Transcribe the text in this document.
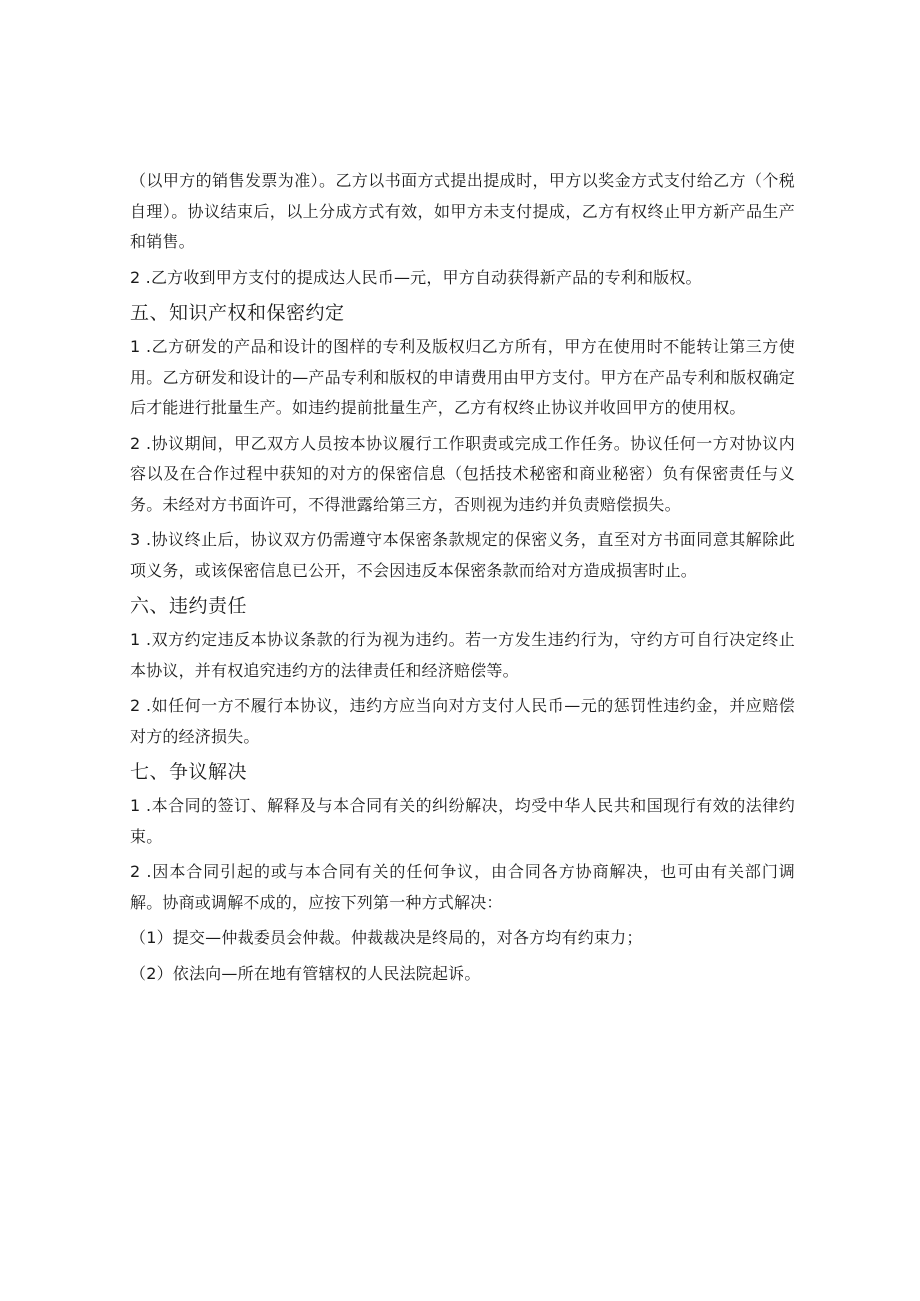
（以甲方的销售发票为准）。乙方以书面方式提出提成时，甲方以奖金方式支付给乙方（个税自理）。协议结束后，以上分成方式有效，如甲方未支付提成，乙方有权终止甲方新产品生产和销售。

2 .乙方收到甲方支付的提成达人民币—元，甲方自动获得新产品的专利和版权。

五、知识产权和保密约定

1 .乙方研发的产品和设计的图样的专利及版权归乙方所有，甲方在使用时不能转让第三方使用。乙方研发和设计的—产品专利和版权的申请费用由甲方支付。甲方在产品专利和版权确定后才能进行批量生产。如违约提前批量生产，乙方有权终止协议并收回甲方的使用权。

2 .协议期间，甲乙双方人员按本协议履行工作职责或完成工作任务。协议任何一方对协议内容以及在合作过程中获知的对方的保密信息（包括技术秘密和商业秘密）负有保密责任与义务。未经对方书面许可，不得泄露给第三方，否则视为违约并负责赔偿损失。

3 .协议终止后，协议双方仍需遵守本保密条款规定的保密义务，直至对方书面同意其解除此项义务，或该保密信息已公开，不会因违反本保密条款而给对方造成损害时止。

六、违约责任

1 .双方约定违反本协议条款的行为视为违约。若一方发生违约行为，守约方可自行决定终止本协议，并有权追究违约方的法律责任和经济赔偿等。

2 .如任何一方不履行本协议，违约方应当向对方支付人民币—元的惩罚性违约金，并应赔偿对方的经济损失。

七、争议解决

1 .本合同的签订、解释及与本合同有关的纠纷解决，均受中华人民共和国现行有效的法律约束。

2 .因本合同引起的或与本合同有关的任何争议，由合同各方协商解决，也可由有关部门调解。协商或调解不成的，应按下列第一种方式解决：

（1）提交—仲裁委员会仲裁。仲裁裁决是终局的，对各方均有约束力；

（2）依法向—所在地有管辖权的人民法院起诉。
